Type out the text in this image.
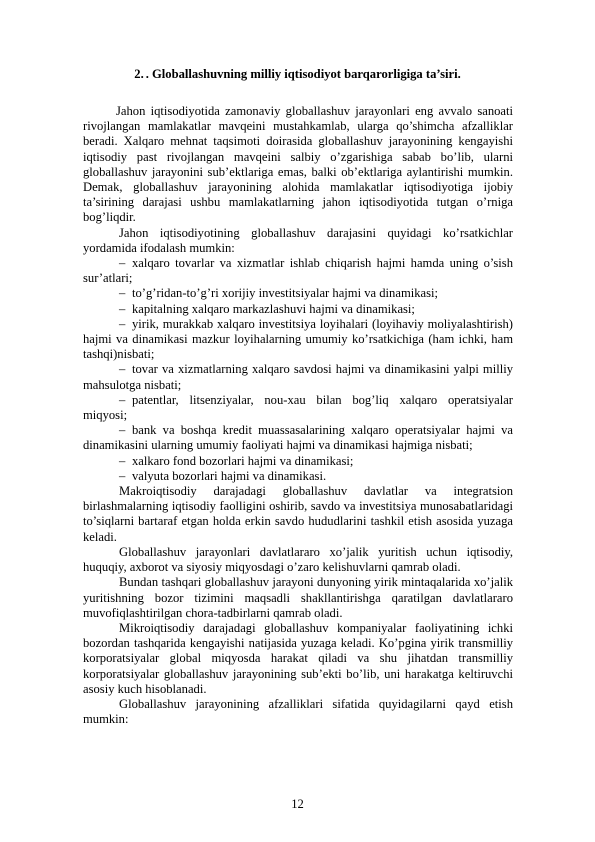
2. . Globallashuvning milliy iqtisodiyot barqarorligiga ta’siri.

Jahon iqtisodiyotida zamonaviy globallashuv jarayonlari eng avvalo sanoati rivojlangan mamlakatlar mavqeini mustahkamlab, ularga qo’shimcha afzalliklar beradi. Xalqaro mehnat taqsimoti doirasida globallashuv jarayonining kengayishi iqtisodiy past rivojlangan mavqeini salbiy o’zgarishiga sabab bo’lib, ularni globallashuv jarayonini sub’ektlariga emas, balki ob’ektlariga aylantirishi mumkin. Demak, globallashuv jarayonining alohida mamlakatlar iqtisodiyotiga ijobiy ta’sirining darajasi ushbu mamlakatlarning jahon iqtisodiyotida tutgan o’rniga bog’liqdir.

Jahon iqtisodiyotining globallashuv darajasini quyidagi ko’rsatkichlar yordamida ifodalash mumkin:

– xalqaro tovarlar va xizmatlar ishlab chiqarish hajmi hamda uning o’sish sur’atlari;

– to’g’ridan-to’g’ri xorijiy investitsiyalar hajmi va dinamikasi;

– kapitalning xalqaro markazlashuvi hajmi va dinamikasi;

– yirik, murakkab xalqaro investitsiya loyihalari (loyihaviy moliyalashtirish) hajmi va dinamikasi mazkur loyihalarning umumiy ko’rsatkichiga (ham ichki, ham tashqi)nisbati;

– tovar va xizmatlarning xalqaro savdosi hajmi va dinamikasini yalpi milliy mahsulotga nisbati;

– patentlar, litsenziyalar, nou-xau bilan bog’liq xalqaro operatsiyalar miqyosi;

– bank va boshqa kredit muassasalarining xalqaro operatsiyalar hajmi va dinamikasini ularning umumiy faoliyati hajmi va dinamikasi hajmiga nisbati;

– xalkaro fond bozorlari hajmi va dinamikasi;

– valyuta bozorlari hajmi va dinamikasi.

Makroiqtisodiy darajadagi globallashuv davlatlar va integratsion birlashmalarning iqtisodiy faolligini oshirib, savdo va investitsiya munosabatlaridagi to’siqlarni bartaraf etgan holda erkin savdo hududlarini tashkil etish asosida yuzaga keladi.

Globallashuv jarayonlari davlatlararo xo’jalik yuritish uchun iqtisodiy, huquqiy, axborot va siyosiy miqyosdagi o’zaro kelishuvlarni qamrab oladi.

Bundan tashqari globallashuv jarayoni dunyoning yirik mintaqalarida xo’jalik yuritishning bozor tizimini maqsadli shakllantirishga qaratilgan davlatlararo muvofiqlashtirilgan chora-tadbirlarni qamrab oladi.

Mikroiqtisodiy darajadagi globallashuv kompaniyalar faoliyatining ichki bozordan tashqarida kengayishi natijasida yuzaga keladi. Ko’pgina yirik transmilliy korporatsiyalar global miqyosda harakat qiladi va shu jihatdan transmilliy korporatsiyalar globallashuv jarayonining sub’ekti bo’lib, uni harakatga keltiruvchi asosiy kuch hisoblanadi.

Globallashuv jarayonining afzalliklari sifatida quyidagilarni qayd etish mumkin:

12
